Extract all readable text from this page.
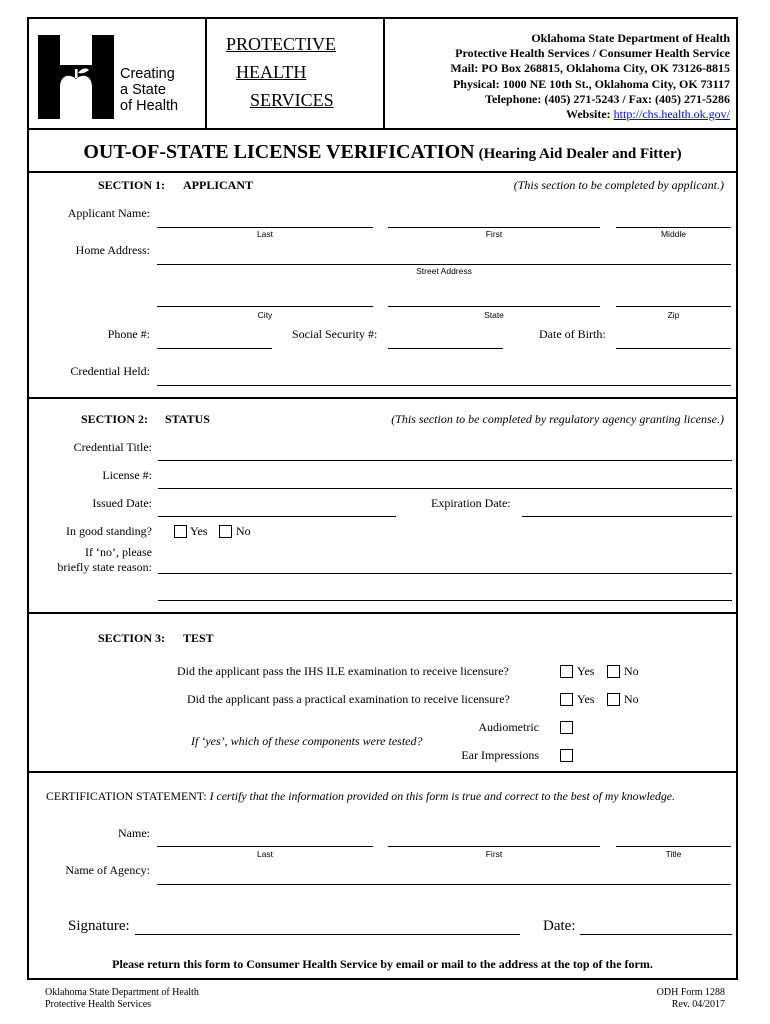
Creating
a State
of Health
PROTECTIVE
HEALTH
SERVICES
Oklahoma State Department of Health
Protective Health Services / Consumer Health Service
Mail: PO Box 268815, Oklahoma City, OK 73126-8815
Physical: 1000 NE 10th St., Oklahoma City, OK 73117
Telephone: (405) 271-5243 / Fax: (405) 271-5286
Website: http://chs.health.ok.gov/
OUT-OF-STATE LICENSE VERIFICATION (Hearing Aid Dealer and Fitter)
SECTION 1: APPLICANT	(This section to be completed by applicant.)
Applicant Name:
Last	First	Middle
Home Address:
Street Address
City	State	Zip
Phone #:	Social Security #:	Date of Birth:
Credential Held:
SECTION 2: STATUS	(This section to be completed by regulatory agency granting license.)
Credential Title:
License #:
Issued Date:	Expiration Date:
In good standing?	Yes No
If ‘no’, please
briefly state reason:
SECTION 3: TEST
Did the applicant pass the IHS ILE examination to receive licensure?	Yes No
Did the applicant pass a practical examination to receive licensure?	Yes No
Audiometric
If ‘yes’, which of these components were tested?
Ear Impressions
CERTIFICATION STATEMENT: I certify that the information provided on this form is true and correct to the best of my knowledge.
Name:
Last	First	Title
Name of Agency:
Signature:	Date:
Please return this form to Consumer Health Service by email or mail to the address at the top of the form.
Oklahoma State Department of Health
Protective Health Services
ODH Form 1288
Rev. 04/2017
